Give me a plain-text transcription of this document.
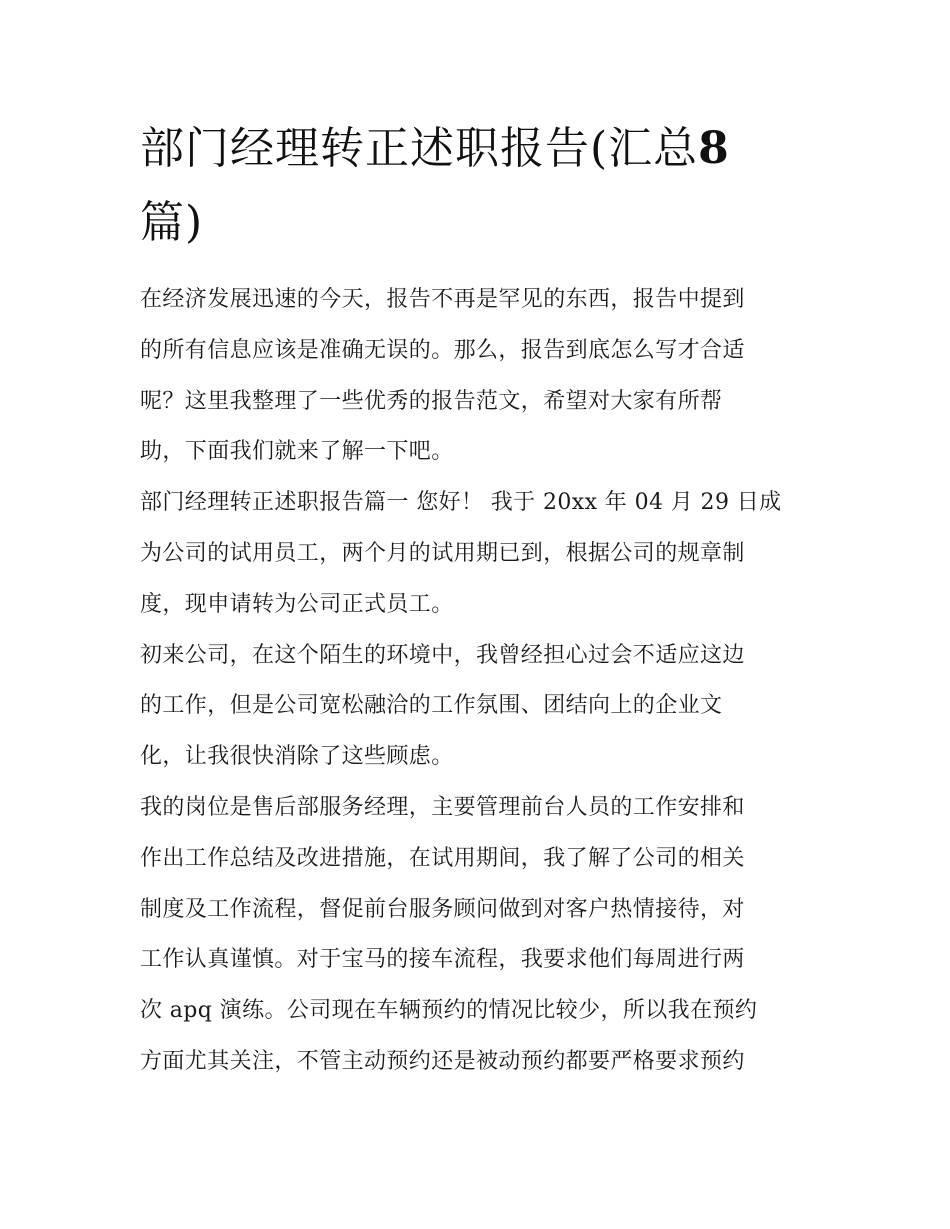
部门经理转正述职报告(汇总8
篇)

在经济发展迅速的今天，报告不再是罕见的东西，报告中提到
的所有信息应该是准确无误的。那么，报告到底怎么写才合适
呢？这里我整理了一些优秀的报告范文，希望对大家有所帮
助，下面我们就来了解一下吧。

部门经理转正述职报告篇一 您好！ 我于 20xx 年 04 月 29 日成
为公司的试用员工，两个月的试用期已到，根据公司的规章制
度，现申请转为公司正式员工。

初来公司，在这个陌生的环境中，我曾经担心过会不适应这边
的工作，但是公司宽松融洽的工作氛围、团结向上的企业文
化，让我很快消除了这些顾虑。

我的岗位是售后部服务经理，主要管理前台人员的工作安排和
作出工作总结及改进措施，在试用期间，我了解了公司的相关
制度及工作流程，督促前台服务顾问做到对客户热情接待，对
工作认真谨慎。对于宝马的接车流程，我要求他们每周进行两
次 apq 演练。公司现在车辆预约的情况比较少，所以我在预约
方面尤其关注，不管主动预约还是被动预约都要严格要求预约
